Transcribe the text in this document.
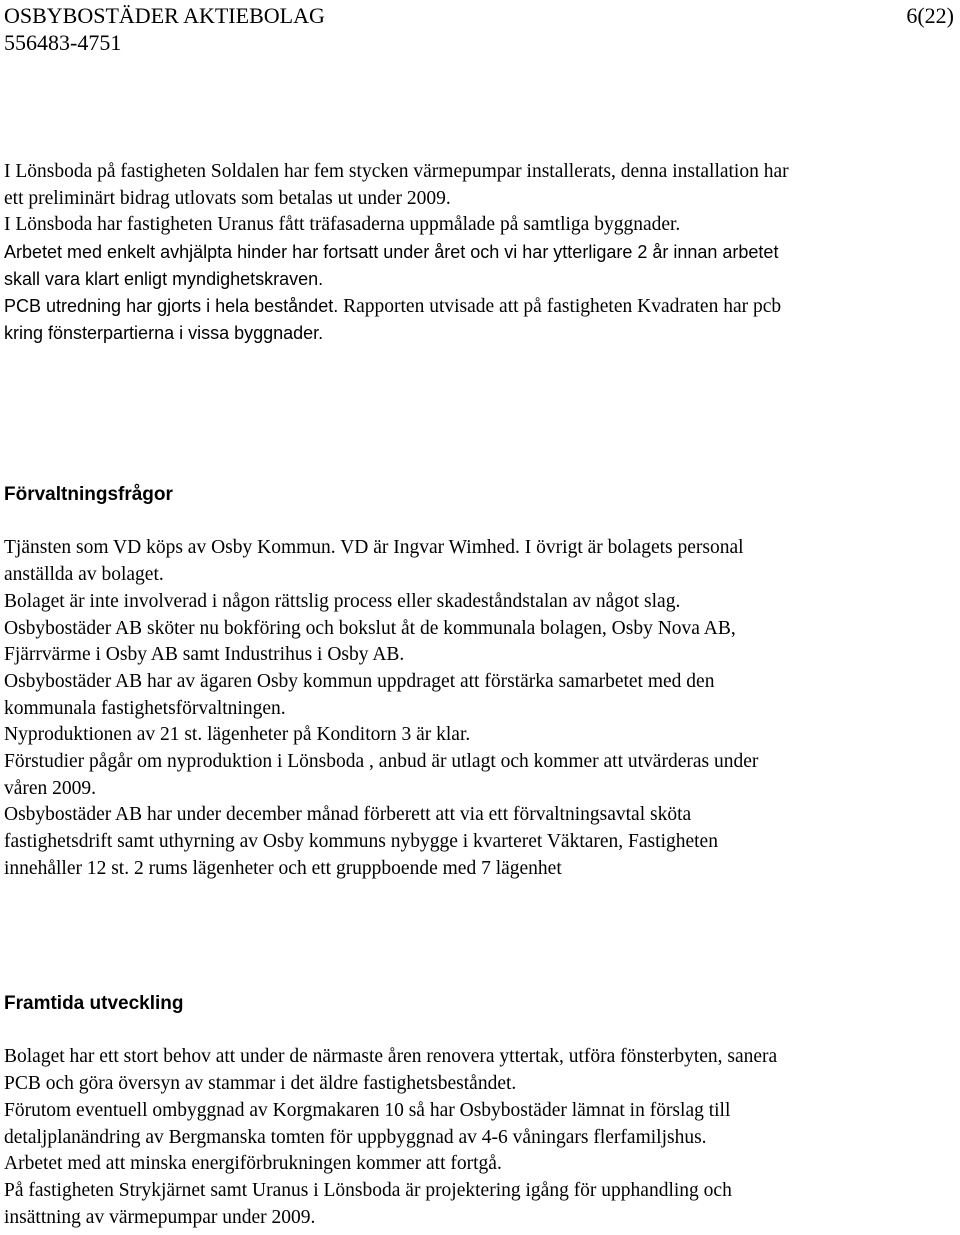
OSBYBOSTÄDER AKTIEBOLAG	6(22)
556483-4751
I Lönsboda på fastigheten Soldalen har fem stycken värmepumpar installerats, denna installation har
ett preliminärt bidrag utlovats som betalas ut under 2009.
I Lönsboda har fastigheten Uranus fått träfasaderna uppmålade på samtliga byggnader.
Arbetet med enkelt avhjälpta hinder har fortsatt under året och vi har ytterligare 2 år innan arbetet
skall vara klart enligt myndighetskraven.
PCB utredning har gjorts i hela beståndet. Rapporten utvisade att på fastigheten Kvadraten har pcb
kring fönsterpartierna i vissa byggnader.
Förvaltningsfrågor
Tjänsten som VD köps av Osby Kommun. VD är Ingvar Wimhed. I övrigt är bolagets personal
anställda av bolaget.
Bolaget är inte involverad i någon rättslig process eller skadeståndstalan av något slag.
Osbybostäder AB sköter nu bokföring och bokslut åt de kommunala bolagen, Osby Nova AB,
Fjärrvärme i Osby AB samt Industrihus i Osby AB.
Osbybostäder AB har av ägaren Osby kommun uppdraget att förstärka samarbetet med den
kommunala fastighetsförvaltningen.
Nyproduktionen av 21 st. lägenheter på Konditorn 3 är klar.
Förstudier pågår om nyproduktion i Lönsboda , anbud är utlagt och kommer att utvärderas under
våren 2009.
Osbybostäder AB har under december månad förberett att via ett förvaltningsavtal sköta
fastighetsdrift samt uthyrning av Osby kommuns nybygge i kvarteret Väktaren, Fastigheten
innehåller 12 st. 2 rums lägenheter och ett gruppboende med 7 lägenhet
Framtida utveckling
Bolaget har ett stort behov att under de närmaste åren renovera yttertak, utföra fönsterbyten, sanera
PCB och göra översyn av stammar i det äldre fastighetsbeståndet.
Förutom eventuell ombyggnad av Korgmakaren 10 så har Osbybostäder lämnat in förslag till
detaljplanändring av Bergmanska tomten för uppbyggnad av 4-6 våningars flerfamiljshus.
Arbetet med att minska energiförbrukningen kommer att fortgå.
På fastigheten Strykjärnet samt Uranus i Lönsboda är projektering igång för upphandling och
insättning av värmepumpar under 2009.
